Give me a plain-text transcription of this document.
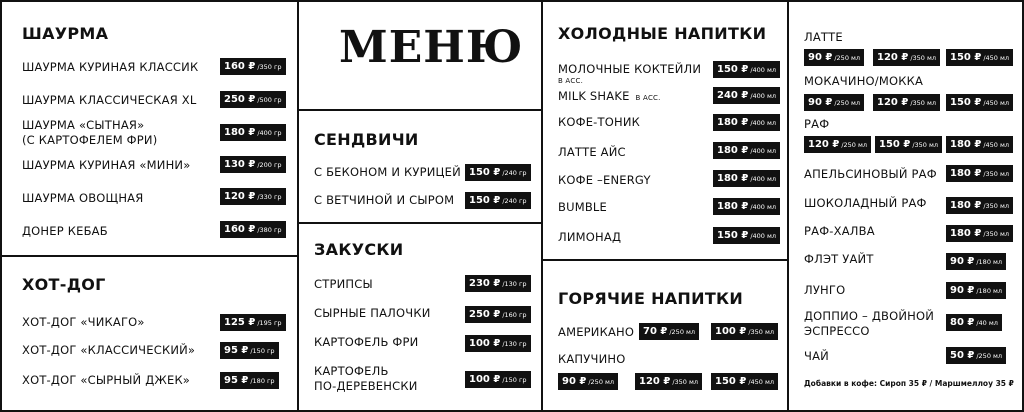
ШАУРМА
ШАУРМА КУРИНАЯ КЛАССИК	160 ₽ /350 гр
ШАУРМА КЛАССИЧЕСКАЯ XL	250 ₽ /500 гр
ШАУРМА «СЫТНАЯ»
(С КАРТОФЕЛЕМ ФРИ)
180 ₽ /400 гр
ШАУРМА КУРИНАЯ «МИНИ»	130 ₽ /200 гр
ШАУРМА ОВОЩНАЯ	120 ₽ /330 гр
ДОНЕР КЕБАБ	160 ₽ /380 гр
ХОТ-ДОГ
ХОТ-ДОГ «ЧИКАГО»	125 ₽ /195 гр
ХОТ-ДОГ «КЛАССИЧЕСКИЙ»	95 ₽ /150 гр
ХОТ-ДОГ «СЫРНЫЙ ДЖЕК»	95 ₽ /180 гр
МЕНЮ
СЕНДВИЧИ
С БЕКОНОМ И КУРИЦЕЙ 150 ₽ /240 гр
С ВЕТЧИНОЙ И СЫРОМ	150 ₽ /240 гр
ЗАКУСКИ
СТРИПСЫ	230 ₽ /130 гр
СЫРНЫЕ ПАЛОЧКИ	250 ₽ /160 гр
КАРТОФЕЛЬ ФРИ	100 ₽ /130 гр
КАРТОФЕЛЬ
ПО-ДЕРЕВЕНСКИ	100 ₽ /150 гр
ХОЛОДНЫЕ НАПИТКИ
МОЛОЧНЫЕ КОКТЕЙЛИ
В АСС.
150 ₽ /400 мл
MILK SHAKE В АСС.	240 ₽ /400 мл
КОФЕ-ТОНИК	180 ₽ /400 мл
ЛАТТЕ АЙС	180 ₽ /400 мл
КОФЕ –ENERGY	180 ₽ /400 мл
BUMBLE	180 ₽ /400 мл
ЛИМОНАД	150 ₽ /400 мл
ГОРЯЧИЕ НАПИТКИ
АМЕРИКАНО 70 ₽ /250 мл	100 ₽ /350 мл
КАПУЧИНО
90 ₽ /250 мл	120 ₽ /350 мл	150 ₽ /450 мл
ЛАТТЕ
90 ₽ /250 мл	120 ₽ /350 мл	150 ₽ /450 мл
МОКАЧИНО/МОККА
90 ₽ /250 мл	120 ₽ /350 мл	150 ₽ /450 мл
РАФ
120 ₽ /250 мл	150 ₽ /350 мл	180 ₽ /450 мл
АПЕЛЬСИНОВЫЙ РАФ	180 ₽ /350 мл
ШОКОЛАДНЫЙ РАФ	180 ₽ /350 мл
РАФ-ХАЛВА	180 ₽ /350 мл
ФЛЭТ УАЙТ	90 ₽ /180 мл
ЛУНГО	90 ₽ /180 мл
ДОППИО – ДВОЙНОЙ
ЭСПРЕССО
80 ₽ /40 мл
ЧАЙ	50 ₽ /250 мл
Добавки в кофе: Сироп 35 ₽ / Маршмеллоу 35 ₽
